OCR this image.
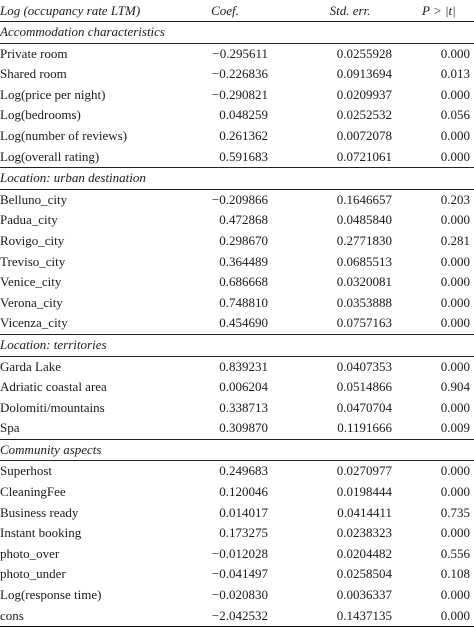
Log (occupancy rate LTM)	Coef.	Std. err.	P > |t|
Accommodation characteristics
Private room	−0.295611	0.0255928	0.000
Shared room	−0.226836	0.0913694	0.013
Log(price per night)	−0.290821	0.0209937	0.000
Log(bedrooms)	0.048259	0.0252532	0.056
Log(number of reviews)	0.261362	0.0072078	0.000
Log(overall rating)	0.591683	0.0721061	0.000
Location: urban destination
Belluno_city	−0.209866	0.1646657	0.203
Padua_city	0.472868	0.0485840	0.000
Rovigo_city	0.298670	0.2771830	0.281
Treviso_city	0.364489	0.0685513	0.000
Venice_city	0.686668	0.0320081	0.000
Verona_city	0.748810	0.0353888	0.000
Vicenza_city	0.454690	0.0757163	0.000
Location: territories
Garda Lake	0.839231	0.0407353	0.000
Adriatic coastal area	0.006204	0.0514866	0.904
Dolomiti/mountains	0.338713	0.0470704	0.000
Spa	0.309870	0.1191666	0.009
Community aspects
Superhost	0.249683	0.0270977	0.000
CleaningFee	0.120046	0.0198444	0.000
Business ready	0.014017	0.0414411	0.735
Instant booking	0.173275	0.0238323	0.000
photo_over	−0.012028	0.0204482	0.556
photo_under	−0.041497	0.0258504	0.108
Log(response time)	−0.020830	0.0036337	0.000
cons	−2.042532	0.1437135	0.000
